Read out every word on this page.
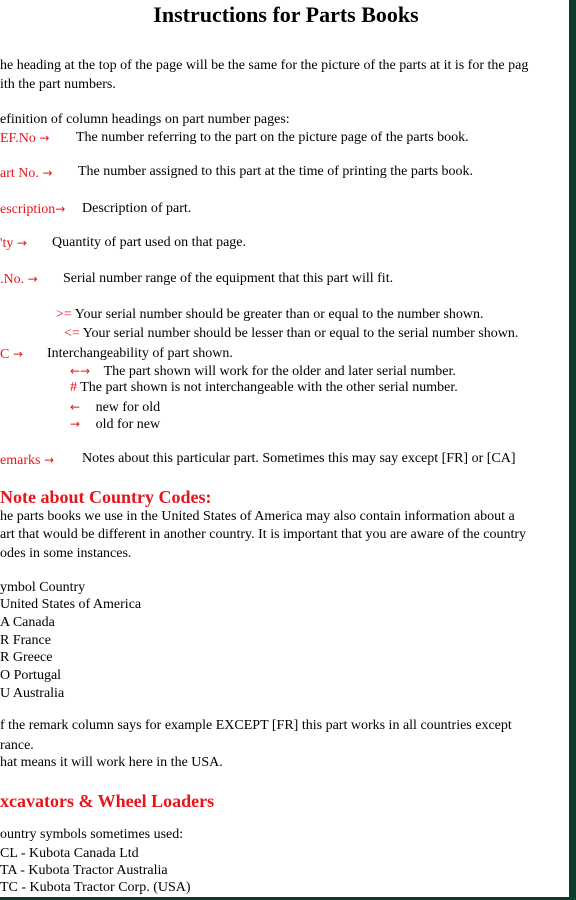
Instructions for Parts Books
he heading at the top of the page will be the same for the picture of the parts at it is for the pag
ith the part numbers.
efinition of column headings on part number pages:
EF.No → The number referring to the part on the picture page of the parts book.
art No. → The number assigned to this part at the time of printing the parts book.
escription→ Description of part.
'ty → Quantity of part used on that page.
.No. → Serial number range of the equipment that this part will fit.
>= Your serial number should be greater than or equal to the number shown.
<= Your serial number should be lesser than or equal to the serial number shown.
C → Interchangeability of part shown.
←→ The part shown will work for the older and later serial number.
# The part shown is not interchangeable with the other serial number.
← new for old
→ old for new
emarks → Notes about this particular part. Sometimes this may say except [FR] or [CA]
Note about Country Codes:
he parts books we use in the United States of America may also contain information about a
art that would be different in another country. It is important that you are aware of the country
odes in some instances.
ymbol Country
United States of America
A Canada
R France
R Greece
O Portugal
U Australia
f the remark column says for example EXCEPT [FR] this part works in all countries except
rance.
hat means it will work here in the USA.
xcavators & Wheel Loaders
ountry symbols sometimes used:
CL - Kubota Canada Ltd
TA - Kubota Tractor Australia
TC - Kubota Tractor Corp. (USA)
